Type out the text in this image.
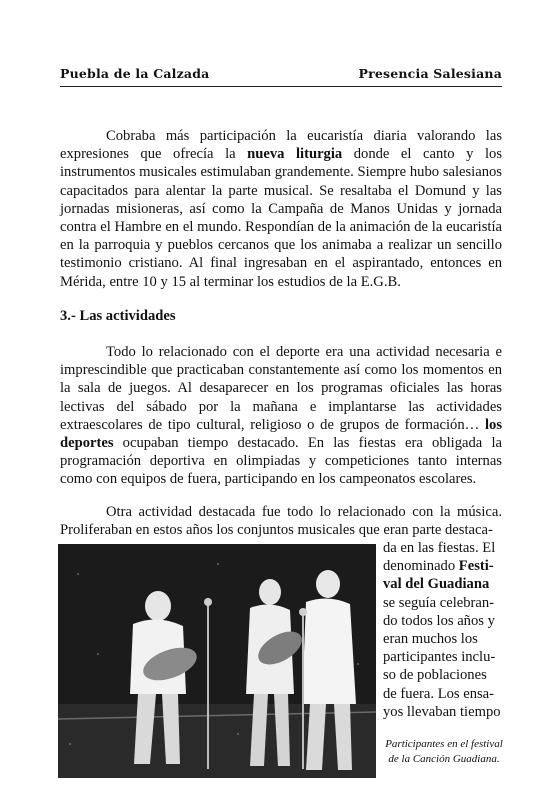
Puebla de la Calzada	Presencia Salesiana

Cobraba más participación la eucaristía diaria valorando las expresiones que ofrecía la nueva liturgia donde el canto y los instrumentos musicales estimulaban grandemente. Siempre hubo salesianos capacitados para alentar la parte musical. Se resaltaba el Domund y las jornadas misioneras, así como la Campaña de Manos Unidas y jornada contra el Hambre en el mundo. Respondían de la animación de la eucaristía en la parroquia y pueblos cercanos que los animaba a realizar un sencillo testimonio cristiano. Al final ingresaban en el aspirantado, entonces en Mérida, entre 10 y 15 al terminar los estudios de la E.G.B.

3.- Las actividades

Todo lo relacionado con el deporte era una actividad necesaria e imprescindible que practicaban constantemente así como los momentos en la sala de juegos. Al desaparecer en los programas oficiales las horas lectivas del sábado por la mañana e implantarse las actividades extraescolares de tipo cultural, religioso o de grupos de formación… los deportes ocupaban tiempo destacado. En las fiestas era obligada la programación deportiva en olimpiadas y competiciones tanto internas como con equipos de fuera, participando en los campeonatos escolares.

Otra actividad destacada fue todo lo relacionado con la música. Proliferaban en estos años los conjuntos musicales que eran parte destaca-

da en las fiestas. El
denominado Festi-
val del Guadiana
se seguía celebran-
do todos los años y
eran muchos los
participantes inclu-
so de poblaciones
de fuera. Los ensa-
yos llevaban tiempo
Participantes en el festival de la Canción Guadiana.
